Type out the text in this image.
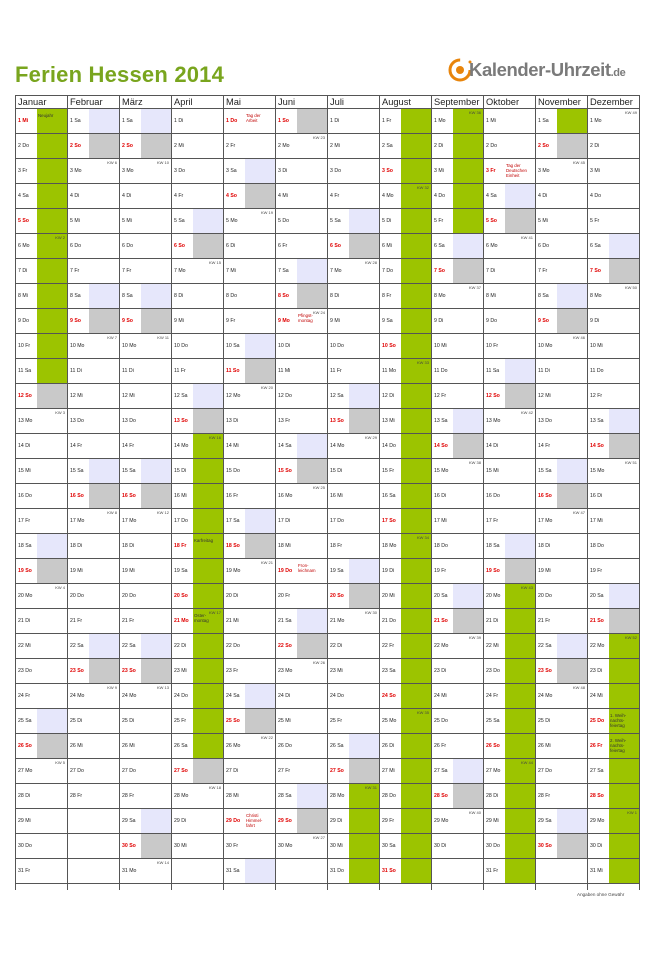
Ferien Hessen 2014	Kalender-Uhrzeit.de
Januar
1 Mi
Neujahr
2 Do
3 Fr
4 Sa
5 So
6 Mo
KW 2
7 Di
8 Mi
9 Do
10 Fr
11 Sa
12 So
13 Mo
KW 3
14 Di
15 Mi
16 Do
17 Fr
18 Sa
19 So
20 Mo
KW 4
21 Di
22 Mi
23 Do
24 Fr
25 Sa
26 So
27 Mo
KW 5
28 Di
29 Mi
30 Do
31 Fr
Februar
1 Sa
2 So
3 Mo
KW 6
4 Di
5 Mi
6 Do
7 Fr
8 Sa
9 So
10 Mo
KW 7
11 Di
12 Mi
13 Do
14 Fr
15 Sa
16 So
17 Mo
KW 8
18 Di
19 Mi
20 Do
21 Fr
22 Sa
23 So
24 Mo
KW 9
25 Di
26 Mi
27 Do
28 Fr
März
1 Sa
2 So
3 Mo
KW 10
4 Di
5 Mi
6 Do
7 Fr
8 Sa
9 So
10 Mo
KW 11
11 Di
12 Mi
13 Do
14 Fr
15 Sa
16 So
17 Mo
KW 12
18 Di
19 Mi
20 Do
21 Fr
22 Sa
23 So
24 Mo
KW 13
25 Di
26 Mi
27 Do
28 Fr
29 Sa
30 So
31 Mo
KW 14
April
1 Di
2 Mi
3 Do
4 Fr
5 Sa
6 So
7 Mo
KW 15
8 Di
9 Mi
10 Do
11 Fr
12 Sa
13 So
14 Mo
KW 16
15 Di
16 Mi
17 Do
18 Fr
Karfreitag
19 Sa
20 So
21 Mo
Oster-
montag
KW 17
22 Di
23 Mi
24 Do
25 Fr
26 Sa
27 So
28 Mo
KW 18
29 Di
30 Mi
Mai
1 Do
Tag der
Arbeit
2 Fr
3 Sa
4 So
5 Mo
KW 19
6 Di
7 Mi
8 Do
9 Fr
10 Sa
11 So
12 Mo
KW 20
13 Di
14 Mi
15 Do
16 Fr
17 Sa
18 So
19 Mo
KW 21
20 Di
21 Mi
22 Do
23 Fr
24 Sa
25 So
26 Mo
KW 22
27 Di
28 Mi
29 Do
Christi
Himmel-
fahrt
30 Fr
31 Sa
Juni
1 So
2 Mo
KW 23
3 Di
4 Mi
5 Do
6 Fr
7 Sa
8 So
9 Mo
Pfingst-
montag
KW 24
10 Di
11 Mi
12 Do
13 Fr
14 Sa
15 So
16 Mo
KW 25
17 Di
18 Mi
19 Do
Fron-
leichnam
20 Fr
21 Sa
22 So
23 Mo
KW 26
24 Di
25 Mi
26 Do
27 Fr
28 Sa
29 So
30 Mo
KW 27
Juli
1 Di
2 Mi
3 Do
4 Fr
5 Sa
6 So
7 Mo
KW 28
8 Di
9 Mi
10 Do
11 Fr
12 Sa
13 So
14 Mo
KW 29
15 Di
16 Mi
17 Do
18 Fr
19 Sa
20 So
21 Mo
KW 30
22 Di
23 Mi
24 Do
25 Fr
26 Sa
27 So
28 Mo
KW 31
29 Di
30 Mi
31 Do
August
1 Fr
2 Sa
3 So
4 Mo
KW 32
5 Di
6 Mi
7 Do
8 Fr
9 Sa
10 So
11 Mo
KW 33
12 Di
13 Mi
14 Do
15 Fr
16 Sa
17 So
18 Mo
KW 34
19 Di
20 Mi
21 Do
22 Fr
23 Sa
24 So
25 Mo
KW 35
26 Di
27 Mi
28 Do
29 Fr
30 Sa
31 So
September
1 Mo
KW 36
2 Di
3 Mi
4 Do
5 Fr
6 Sa
7 So
8 Mo
KW 37
9 Di
10 Mi
11 Do
12 Fr
13 Sa
14 So
15 Mo
KW 38
16 Di
17 Mi
18 Do
19 Fr
20 Sa
21 So
22 Mo
KW 39
23 Di
24 Mi
25 Do
26 Fr
27 Sa
28 So
29 Mo
KW 40
30 Di
Oktober
1 Mi
2 Do
3 Fr
Tag der
Deutschen
Einheit
4 Sa
5 So
6 Mo
KW 41
7 Di
8 Mi
9 Do
10 Fr
11 Sa
12 So
13 Mo
KW 42
14 Di
15 Mi
16 Do
17 Fr
18 Sa
19 So
20 Mo
KW 43
21 Di
22 Mi
23 Do
24 Fr
25 Sa
26 So
27 Mo
KW 44
28 Di
29 Mi
30 Do
31 Fr
November
1 Sa
2 So
3 Mo
KW 45
4 Di
5 Mi
6 Do
7 Fr
8 Sa
9 So
10 Mo
KW 46
11 Di
12 Mi
13 Do
14 Fr
15 Sa
16 So
17 Mo
KW 47
18 Di
19 Mi
20 Do
21 Fr
22 Sa
23 So
24 Mo
KW 48
25 Di
26 Mi
27 Do
28 Fr
29 Sa
30 So
Dezember
1 Mo
KW 49
2 Di
3 Mi
4 Do
5 Fr
6 Sa
7 So
8 Mo
KW 50
9 Di
10 Mi
11 Do
12 Fr
13 Sa
14 So
15 Mo
KW 51
16 Di
17 Mi
18 Do
19 Fr
20 Sa
21 So
22 Mo
KW 52
23 Di
24 Mi
25 Do
1. Weih-
nachts-
feiertag
26 Fr
2. Weih-
nachts-
feiertag
27 Sa
28 So
29 Mo
KW 1
30 Di
31 Mi
Angaben ohne Gewähr
